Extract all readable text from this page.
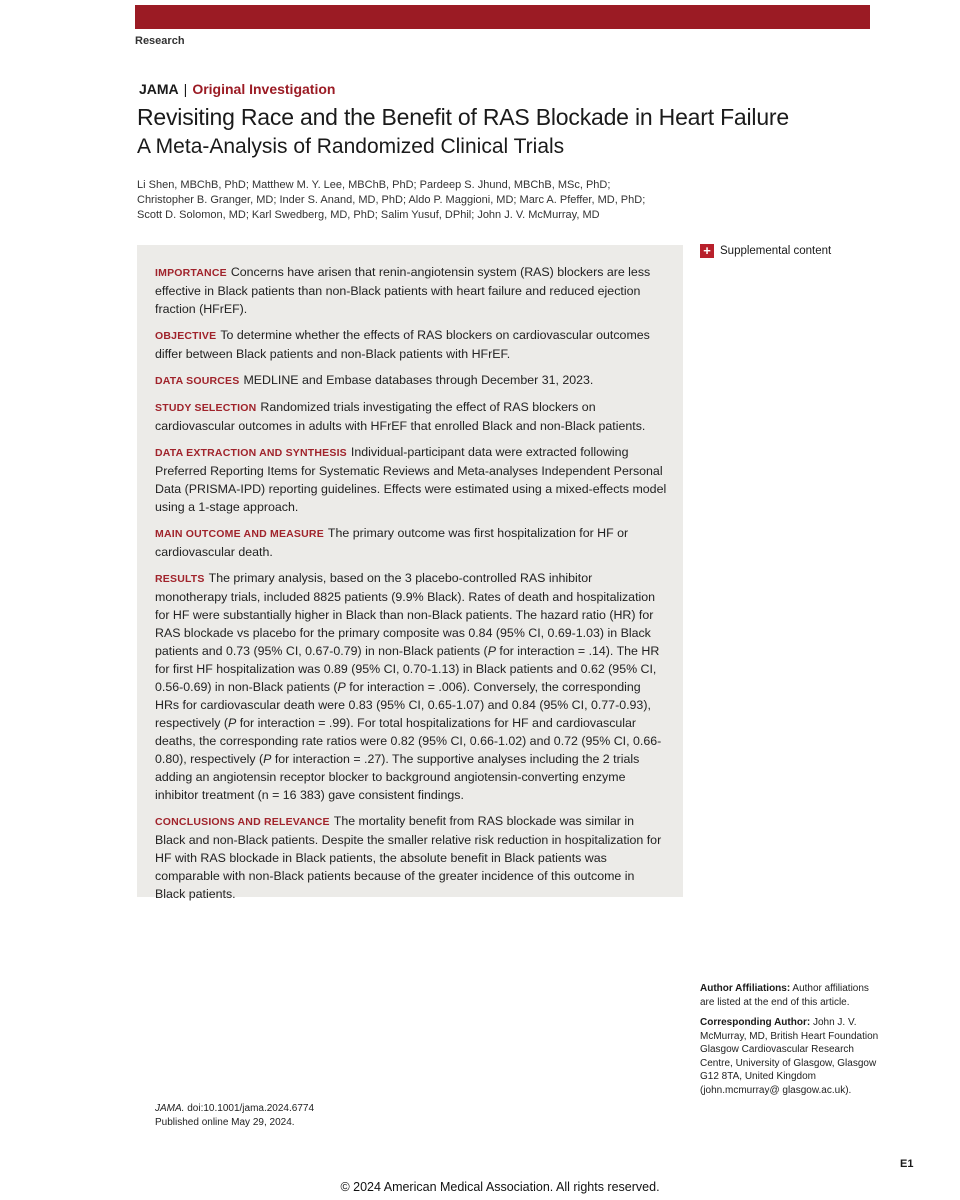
Research
JAMA | Original Investigation
Revisiting Race and the Benefit of RAS Blockade in Heart Failure
A Meta-Analysis of Randomized Clinical Trials
Li Shen, MBChB, PhD; Matthew M. Y. Lee, MBChB, PhD; Pardeep S. Jhund, MBChB, MSc, PhD;
Christopher B. Granger, MD; Inder S. Anand, MD, PhD; Aldo P. Maggioni, MD; Marc A. Pfeffer, MD, PhD;
Scott D. Solomon, MD; Karl Swedberg, MD, PhD; Salim Yusuf, DPhil; John J. V. McMurray, MD
+ Supplemental content

IMPORTANCE Concerns have arisen that renin-angiotensin system (RAS) blockers are less effective in Black patients than non-Black patients with heart failure and reduced ejection fraction (HFrEF).

OBJECTIVE To determine whether the effects of RAS blockers on cardiovascular outcomes differ between Black patients and non-Black patients with HFrEF.

DATA SOURCES MEDLINE and Embase databases through December 31, 2023.

STUDY SELECTION Randomized trials investigating the effect of RAS blockers on cardiovascular outcomes in adults with HFrEF that enrolled Black and non-Black patients.

DATA EXTRACTION AND SYNTHESIS Individual-participant data were extracted following Preferred Reporting Items for Systematic Reviews and Meta-analyses Independent Personal Data (PRISMA-IPD) reporting guidelines. Effects were estimated using a mixed-effects model using a 1-stage approach.

MAIN OUTCOME AND MEASURE The primary outcome was first hospitalization for HF or cardiovascular death.

RESULTS The primary analysis, based on the 3 placebo-controlled RAS inhibitor monotherapy trials, included 8825 patients (9.9% Black). Rates of death and hospitalization for HF were substantially higher in Black than non-Black patients. The hazard ratio (HR) for RAS blockade vs placebo for the primary composite was 0.84 (95% CI, 0.69-1.03) in Black patients and 0.73 (95% CI, 0.67-0.79) in non-Black patients (P for interaction = .14). The HR for first HF hospitalization was 0.89 (95% CI, 0.70-1.13) in Black patients and 0.62 (95% CI, 0.56-0.69) in non-Black patients (P for interaction = .006). Conversely, the corresponding HRs for cardiovascular death were 0.83 (95% CI, 0.65-1.07) and 0.84 (95% CI, 0.77-0.93), respectively (P for interaction = .99). For total hospitalizations for HF and cardiovascular deaths, the corresponding rate ratios were 0.82 (95% CI, 0.66-1.02) and 0.72 (95% CI, 0.66-0.80), respectively (P for interaction = .27). The supportive analyses including the 2 trials adding an angiotensin receptor blocker to background angiotensin-converting enzyme inhibitor treatment (n = 16 383) gave consistent findings.

CONCLUSIONS AND RELEVANCE The mortality benefit from RAS blockade was similar in Black and non-Black patients. Despite the smaller relative risk reduction in hospitalization for HF with RAS blockade in Black patients, the absolute benefit in Black patients was comparable with non-Black patients because of the greater incidence of this outcome in Black patients.

Author Affiliations: Author affiliations are listed at the end of this article.

Corresponding Author: John J. V. McMurray, MD, British Heart Foundation Glasgow Cardiovascular Research Centre, University of Glasgow, Glasgow G12 8TA, United Kingdom (john.mcmurray@ glasgow.ac.uk).

JAMA. doi:10.1001/jama.2024.6774
Published online May 29, 2024.
E1
© 2024 American Medical Association. All rights reserved.
